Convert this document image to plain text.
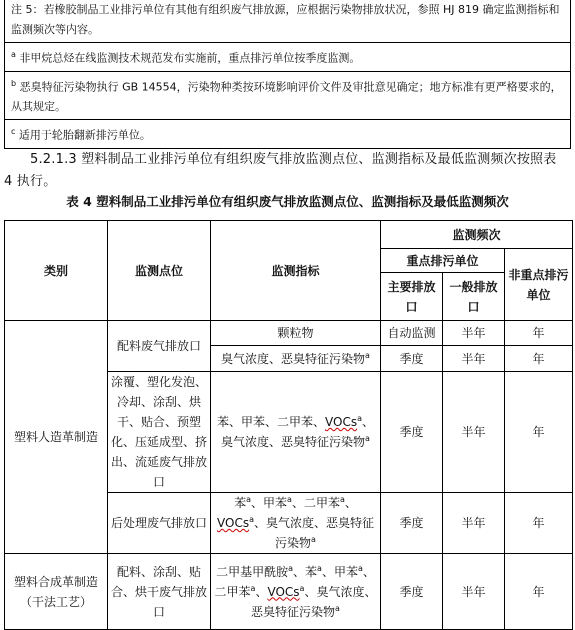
注 5：若橡胶制品工业排污单位有其他有组织废气排放源，应根据污染物排放状况，参照 HJ 819 确定监测指标和监测频次等内容。
$^a$ 非甲烷总烃在线监测技术规范发布实施前，重点排污单位按季度监测。
$^b$ 恶臭特征污染物执行 GB 14554，污染物种类按环境影响评价文件及审批意见确定；地方标准有更严格要求的，从其规定。
$^c$ 适用于轮胎翻新排污单位。
5.2.1.3 塑料制品工业排污单位有组织废气排放监测点位、监测指标及最低监测频次按照表 4 执行。
表 4 塑料制品工业排污单位有组织废气排放监测点位、监测指标及最低监测频次
类别	监测点位	监测指标	监测频次		
			重点排污单位		非重点排污单位
			主要排放口	一般排放口	
塑料人造革制造	配料废气排放口	颗粒物	自动监测	半年	年
		臭气浓度、恶臭特征污染物$^a$	季度	半年	年
	涂覆、塑化发泡、冷却、涂刮、烘干、贴合、预塑化、压延成型、挤出、流延废气排放口	苯、甲苯、二甲苯、VOCs$^a$、臭气浓度、恶臭特征污染物$^a$	季度	半年	年
	后处理废气排放口	苯$^a$、甲苯$^a$、二甲苯$^a$、VOCs$^a$、臭气浓度、恶臭特征污染物$^a$	季度	半年	年
塑料合成革制造（干法工艺）	配料、涂刮、贴合、烘干废气排放口	二甲基甲酰胺$^a$、苯$^a$、甲苯$^a$、二甲苯$^a$、VOCs$^a$、臭气浓度、恶臭特征污染物$^a$	季度	半年	年
